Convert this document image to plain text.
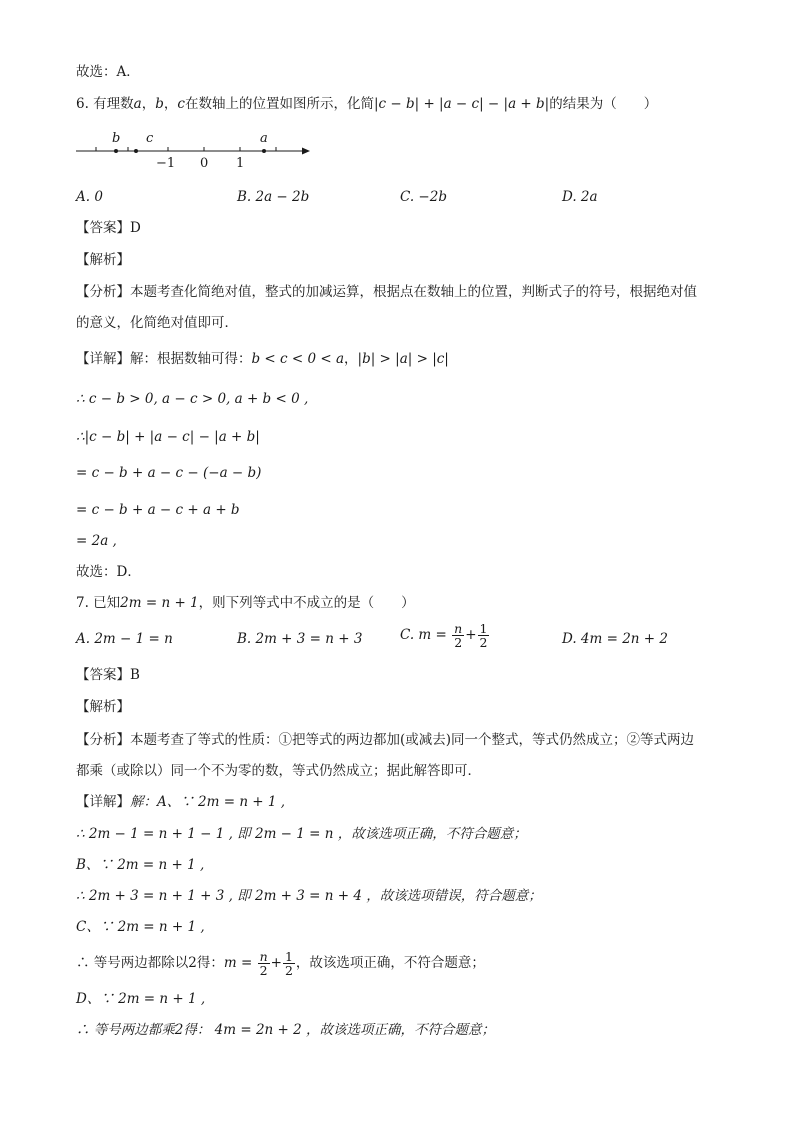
故选：A．
6. 有理数a，b，c在数轴上的位置如图所示，化简|c − b| + |a − c| − |a + b|的结果为（　　）
b c	a
−1 0 1
A. 0	B. 2a − 2b	C. −2b	D. 2a
【答案】D
【解析】
【分析】本题考查化简绝对值，整式的加减运算，根据点在数轴上的位置，判断式子的符号，根据绝对值
的意义，化简绝对值即可．
【详解】解：根据数轴可得：b < c < 0 < a，|b| > |a| > |c|
∴ c − b > 0, a − c > 0, a + b < 0 ,
∴|c − b| + |a − c| − |a + b|
= c − b + a − c − (−a − b)
= c − b + a − c + a + b
= 2a ,
故选：D．
7. 已知2m = n + 1，则下列等式中不成立的是（　　）
A. 2m − 1 = n	B. 2m + 3 = n + 3	C. $m = \frac{n}{2} + \frac{1}{2}$	D. 4m = 2n + 2
【答案】B
【解析】
【分析】本题考查了等式的性质：①把等式的两边都加(或减去)同一个整式，等式仍然成立；②等式两边
都乘（或除以）同一个不为零的数，等式仍然成立；据此解答即可．
【详解】解：A、∵ 2m = n + 1 ,
∴ 2m − 1 = n + 1 − 1 , 即 2m − 1 = n ，故该选项正确，不符合题意；
B、∵ 2m = n + 1 ,
∴ 2m + 3 = n + 1 + 3 , 即 2m + 3 = n + 4 ，故该选项错误，符合题意；
C、∵ 2m = n + 1 ,
∴ 等号两边都除以2得：$m = \frac{n}{2} + \frac{1}{2}$ ，故该选项正确，不符合题意；
D、∵ 2m = n + 1 ,
∴ 等号两边都乘2得： 4m = 2n + 2 ，故该选项正确，不符合题意；
